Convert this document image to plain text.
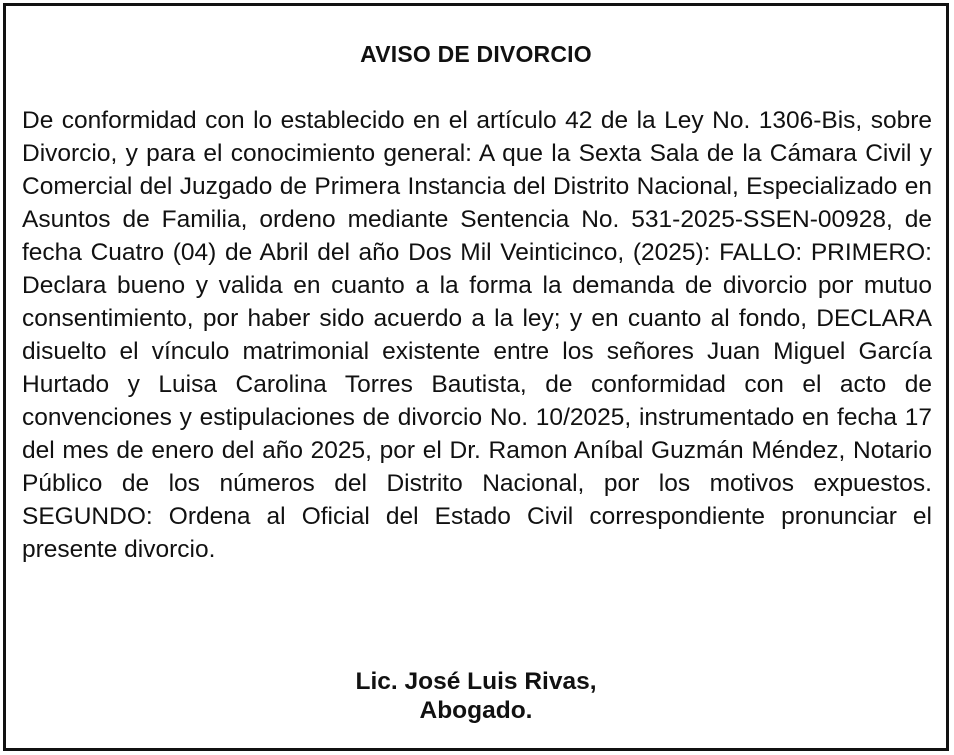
AVISO DE DIVORCIO

De conformidad con lo establecido en el artículo 42 de la Ley No. 1306-Bis, sobre Divorcio, y para el conocimiento general: A que la Sexta Sala de la Cámara Civil y Comercial del Juzgado de Primera Instancia del Distrito Nacional, Especializado en Asuntos de Familia, ordeno mediante Sentencia No. 531-2025-SSEN-00928, de fecha Cuatro (04) de Abril del año Dos Mil Veinticinco, (2025): FALLO: PRIMERO: Declara bueno y valida en cuanto a la forma la demanda de divorcio por mutuo consentimiento, por haber sido acuerdo a la ley; y en cuanto al fondo, DECLARA disuelto el vínculo matrimonial existente entre los señores Juan Miguel García Hurtado y Luisa Carolina Torres Bautista, de conformidad con el acto de convenciones y estipulaciones de divorcio No. 10/2025, instrumentado en fecha 17 del mes de enero del año 2025, por el Dr. Ramon Aníbal Guzmán Méndez, Notario Público de los números del Distrito Nacional, por los motivos expuestos. SEGUNDO: Ordena al Oficial del Estado Civil correspondiente pronunciar el presente divorcio.

Lic. José Luis Rivas,
Abogado.
